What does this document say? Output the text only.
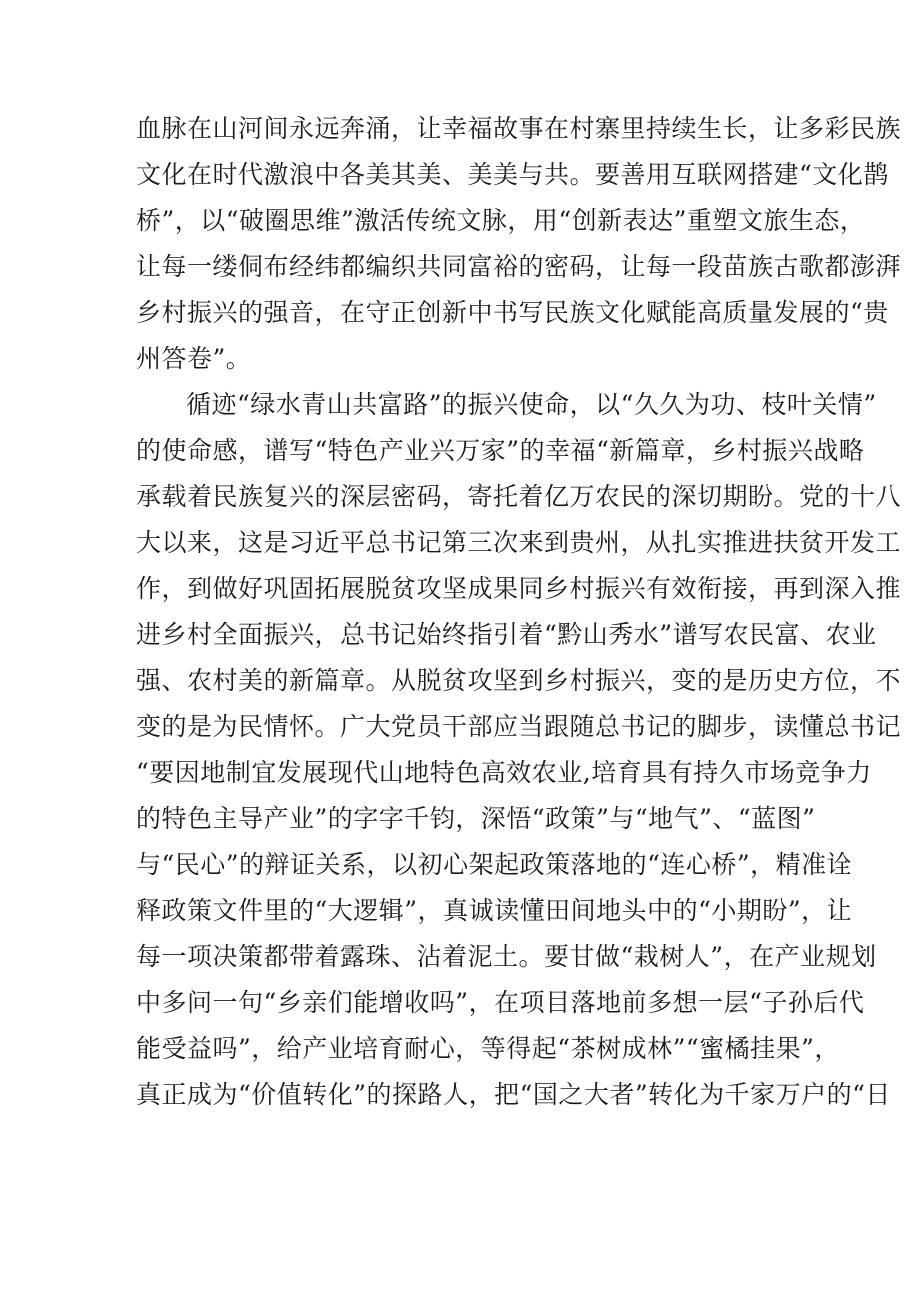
血脉在山河间永远奔涌，让幸福故事在村寨里持续生长，让多彩民族
文化在时代激浪中各美其美、美美与共。要善用互联网搭建“文化鹊
桥”，以“破圈思维”激活传统文脉，用“创新表达”重塑文旅生态，
让每一缕侗布经纬都编织共同富裕的密码，让每一段苗族古歌都澎湃
乡村振兴的强音，在守正创新中书写民族文化赋能高质量发展的“贵
州答卷”。
循迹“绿水青山共富路”的振兴使命，以“久久为功、枝叶关情”
的使命感，谱写“特色产业兴万家”的幸福“新篇章，乡村振兴战略
承载着民族复兴的深层密码，寄托着亿万农民的深切期盼。党的十八
大以来，这是习近平总书记第三次来到贵州，从扎实推进扶贫开发工
作，到做好巩固拓展脱贫攻坚成果同乡村振兴有效衔接，再到深入推
进乡村全面振兴，总书记始终指引着“黔山秀水”谱写农民富、农业
强、农村美的新篇章。从脱贫攻坚到乡村振兴，变的是历史方位，不
变的是为民情怀。广大党员干部应当跟随总书记的脚步，读懂总书记
“要因地制宜发展现代山地特色高效农业,培育具有持久市场竞争力
的特色主导产业”的字字千钧，深悟“政策”与“地气”、“蓝图”
与“民心”的辩证关系，以初心架起政策落地的“连心桥”，精准诠
释政策文件里的“大逻辑”，真诚读懂田间地头中的“小期盼”，让
每一项决策都带着露珠、沾着泥土。要甘做“栽树人”，在产业规划
中多问一句“乡亲们能增收吗”，在项目落地前多想一层“子孙后代
能受益吗”，给产业培育耐心，等得起“茶树成林”“蜜橘挂果”，
真正成为“价值转化”的探路人，把“国之大者”转化为千家万户的“日
